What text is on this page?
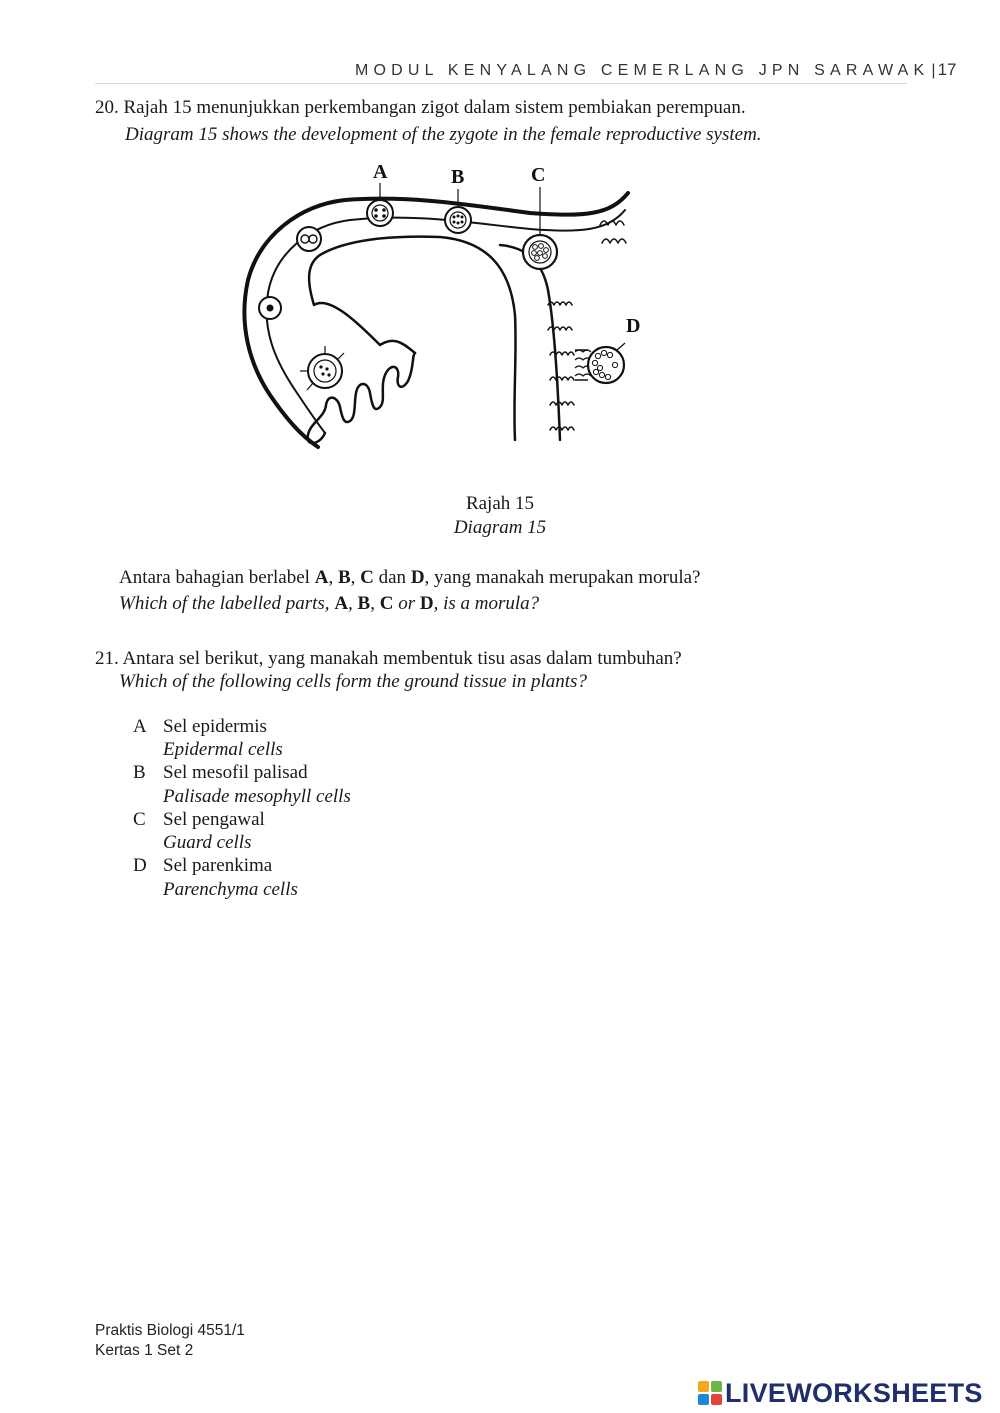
MODUL KENYALANG CEMERLANG JPN SARAWAK | 17
20. Rajah 15 menunjukkan perkembangan zigot dalam sistem pembiakan perempuan.
Diagram 15 shows the development of the zygote in the female reproductive system.
A	B	C
D
Rajah 15
Diagram 15
Antara bahagian berlabel A, B, C dan D, yang manakah merupakan morula?
Which of the labelled parts, A, B, C or D, is a morula?
21. Antara sel berikut, yang manakah membentuk tisu asas dalam tumbuhan?
Which of the following cells form the ground tissue in plants?
A Sel epidermis
Epidermal cells
B Sel mesofil palisad
Palisade mesophyll cells
C Sel pengawal
Guard cells
D Sel parenkima
Parenchyma cells
Praktis Biologi 4551/1
Kertas 1 Set 2
LIVEWORKSHEETS
